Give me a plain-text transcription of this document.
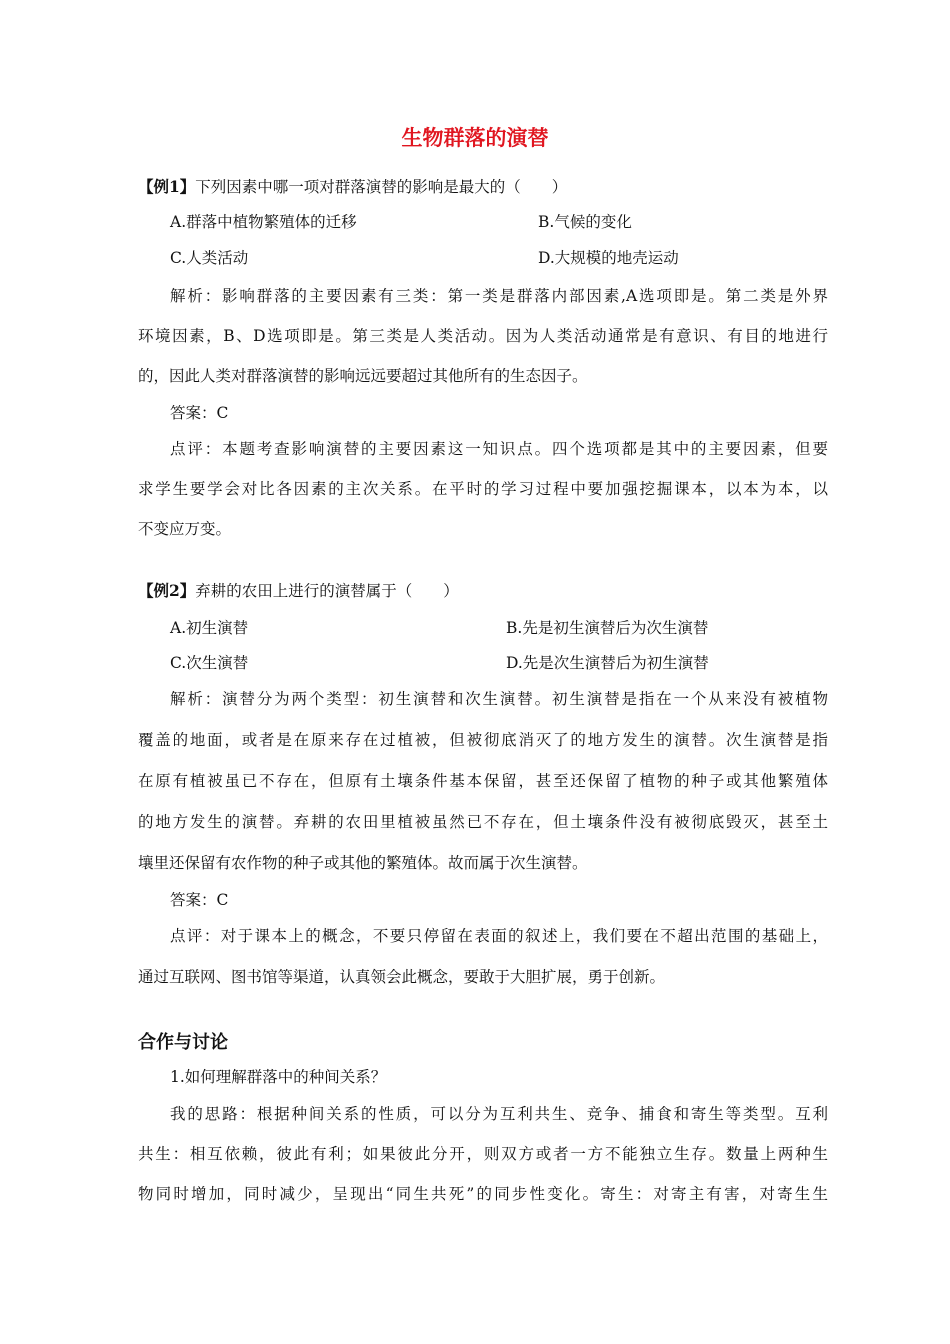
生物群落的演替
【例1】下列因素中哪一项对群落演替的影响是最大的（　　）
A.群落中植物繁殖体的迁移	B.气候的变化
C.人类活动	D.大规模的地壳运动
解析：影响群落的主要因素有三类：第一类是群落内部因素,A选项即是。第二类是外界
环境因素，B、D选项即是。第三类是人类活动。因为人类活动通常是有意识、有目的地进行
的，因此人类对群落演替的影响远远要超过其他所有的生态因子。
答案：C
点评：本题考查影响演替的主要因素这一知识点。四个选项都是其中的主要因素，但要
求学生要学会对比各因素的主次关系。在平时的学习过程中要加强挖掘课本，以本为本，以
不变应万变。
【例2】弃耕的农田上进行的演替属于（　　）
A.初生演替	B.先是初生演替后为次生演替
C.次生演替	D.先是次生演替后为初生演替
解析：演替分为两个类型：初生演替和次生演替。初生演替是指在一个从来没有被植物
覆盖的地面，或者是在原来存在过植被，但被彻底消灭了的地方发生的演替。次生演替是指
在原有植被虽已不存在，但原有土壤条件基本保留，甚至还保留了植物的种子或其他繁殖体
的地方发生的演替。弃耕的农田里植被虽然已不存在，但土壤条件没有被彻底毁灭，甚至土
壤里还保留有农作物的种子或其他的繁殖体。故而属于次生演替。
答案：C
点评：对于课本上的概念，不要只停留在表面的叙述上，我们要在不超出范围的基础上，
通过互联网、图书馆等渠道，认真领会此概念，要敢于大胆扩展，勇于创新。
合作与讨论
1.如何理解群落中的种间关系？
我的思路：根据种间关系的性质，可以分为互利共生、竞争、捕食和寄生等类型。互利
共生：相互依赖，彼此有利；如果彼此分开，则双方或者一方不能独立生存。数量上两种生
物同时增加，同时减少，呈现出“同生共死”的同步性变化。寄生：对寄主有害，对寄生生
